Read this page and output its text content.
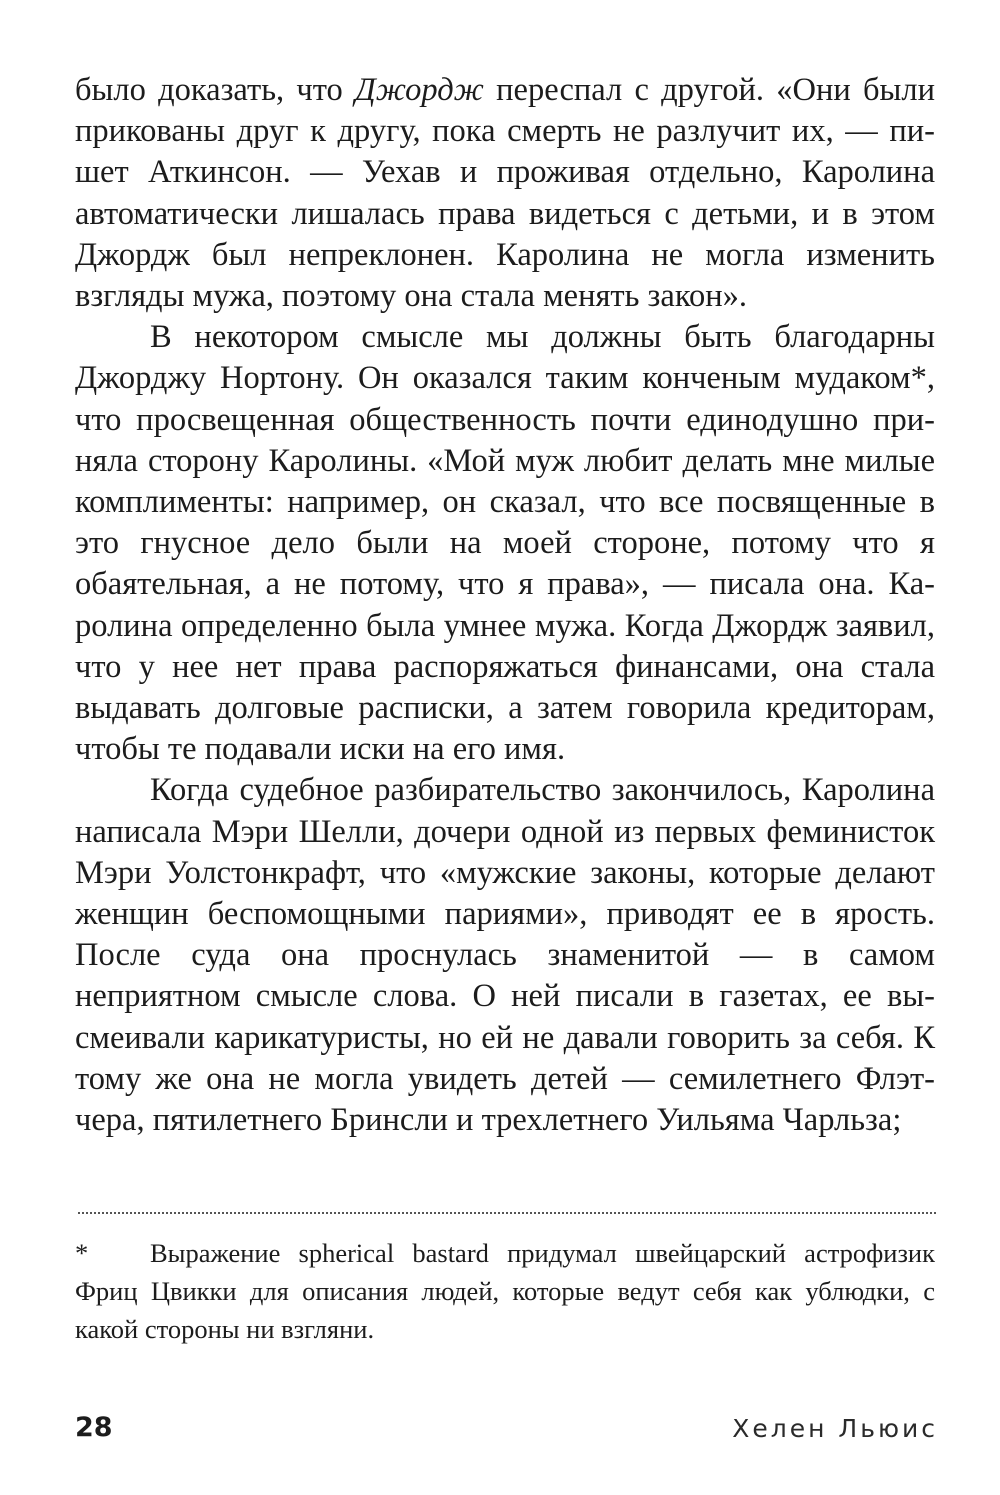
было доказать, что Джордж переспал с другой. «Они были прикованы друг к другу, пока смерть не разлучит их, — пишет Аткинсон. — Уехав и проживая отдельно, Каролина автоматически лишалась права видеться с детьми, и в этом Джордж был непреклонен. Каролина не могла изменить взгляды мужа, поэтому она стала менять закон».

В некотором смысле мы должны быть благодарны Джорджу Нортону. Он оказался таким конченым мудаком*, что просвещенная общественность почти единодушно приняла сторону Каролины. «Мой муж любит делать мне милые комплименты: например, он сказал, что все посвященные в это гнусное дело были на моей стороне, потому что я обаятельная, а не потому, что я права», — писала она. Каролина определенно была умнее мужа. Когда Джордж заявил, что у нее нет права распоряжаться финансами, она стала выдавать долговые расписки, а затем говорила кредиторам, чтобы те подавали иски на его имя.

Когда судебное разбирательство закончилось, Каролина написала Мэри Шелли, дочери одной из первых феминисток Мэри Уолстонкрафт, что «мужские законы, которые делают женщин беспомощными париями», приводят ее в ярость. После суда она проснулась знаменитой — в самом неприятном смысле слова. О ней писали в газетах, ее высмеивали карикатуристы, но ей не давали говорить за себя. К тому же она не могла увидеть детей — семилетнего Флэтчера, пятилетнего Бринсли и трехлетнего Уильяма Чарльза;

* Выражение spherical bastard придумал швейцарский астрофизик Фриц Цвикки для описания людей, которые ведут себя как ублюдки, с какой стороны ни взгляни.

28	Хелен Льюис
